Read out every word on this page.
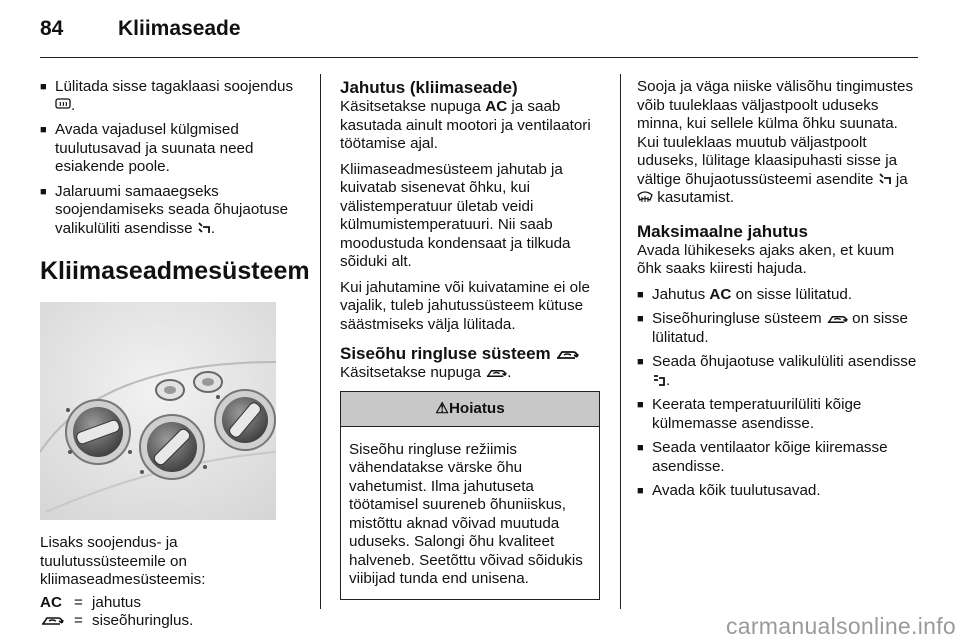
84	Kliimaseade
■ Lülitada sisse tagaklaasi soojendus
.
■ Avada vajadusel külgmised tuulutusavad ja suunata need esiakende poole.
■ Jalaruumi samaaegseks soojendamiseks seada õhujaotuse valikulüliti asendisse .
Kliimaseadmesüsteem

Lisaks soojendus- ja tuulutussüsteemile on kliimaseadmesüsteemis:

AC = jahutus
= siseõhuringlus.
Jahutus (kliimaseade)

Käsitsetakse nupuga AC ja saab kasutada ainult mootori ja ventilaatori töötamise ajal.

Kliimaseadmesüsteem jahutab ja kuivatab sisenevat õhku, kui välistemperatuur ületab veidi külmumistemperatuuri. Nii saab moodustuda kondensaat ja tilkuda sõiduki alt.

Kui jahutamine või kuivatamine ei ole vajalik, tuleb jahutussüsteem kütuse säästmiseks välja lülitada.

Siseõhu ringluse süsteem

Käsitsetakse nupuga .

⚠Hoiatus
Siseõhu ringluse režiimis vähendatakse värske õhu vahetumist. Ilma jahutuseta töötamisel suureneb õhuniiskus, mistõttu aknad võivad muutuda uduseks. Salongi õhu kvaliteet halveneb. Seetõttu võivad sõidukis viibijad tunda end unisena.

Sooja ja väga niiske välisõhu tingimustes võib tuuleklaas väljastpoolt uduseks minna, kui sellele külma õhku suunata. Kui tuuleklaas muutub väljastpoolt uduseks, lülitage klaasipuhasti sisse ja vältige õhujaotussüsteemi asendite ja  kasutamist.

Maksimaalne jahutus

Avada lühikeseks ajaks aken, et kuum õhk saaks kiiresti hajuda.

■ Jahutus AC on sisse lülitatud.
■ Siseõhuringluse süsteem on sisse lülitatud.
■ Seada õhujaotuse valikulüliti asendisse .
■ Keerata temperatuurilüliti kõige külmemasse asendisse.
■ Seada ventilaator kõige kiiremasse asendisse.
■ Avada kõik tuulutusavad.
carmanualsonline.info
